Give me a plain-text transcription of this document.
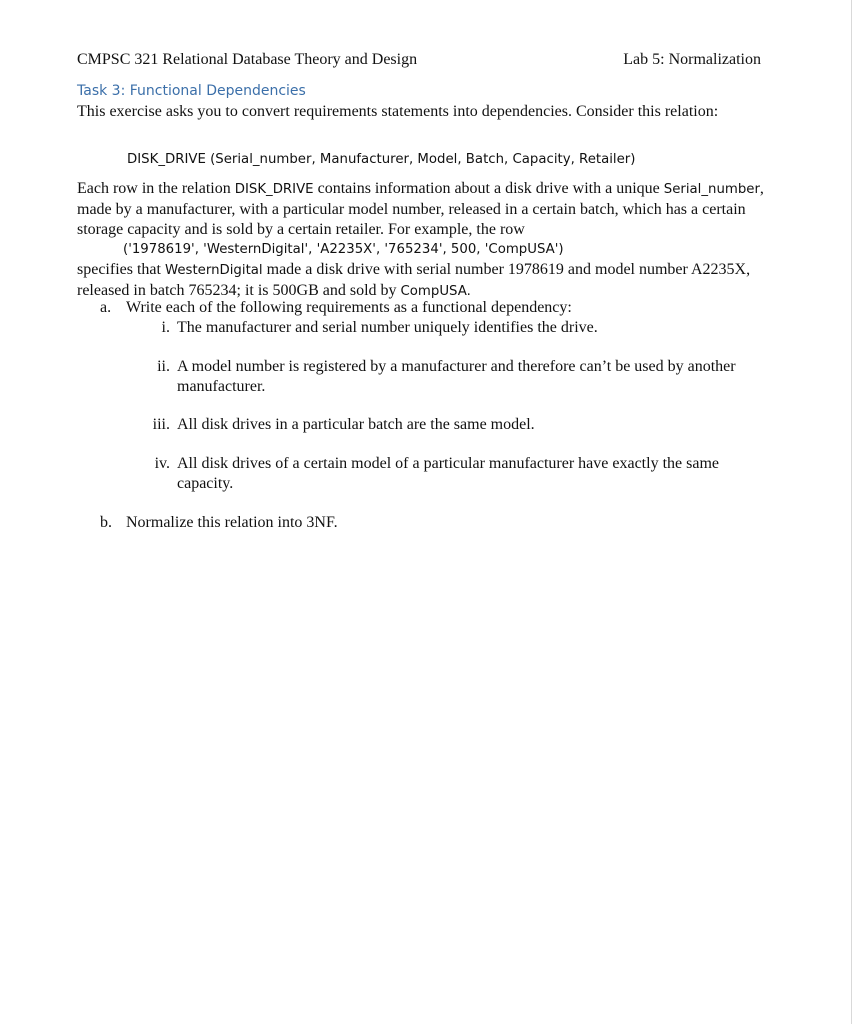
CMPSC 321 Relational Database Theory and Design	Lab 5: Normalization
Task 3: Functional Dependencies
This exercise asks you to convert requirements statements into dependencies. Consider this relation:
DISK_DRIVE (Serial_number, Manufacturer, Model, Batch, Capacity, Retailer)

Each row in the relation DISK_DRIVE contains information about a disk drive with a unique Serial_number, made by a manufacturer, with a particular model number, released in a certain batch, which has a certain storage capacity and is sold by a certain retailer. For example, the row

('1978619', 'WesternDigital', 'A2235X', '765234', 500, 'CompUSA')

specifies that WesternDigital made a disk drive with serial number 1978619 and model number A2235X, released in batch 765234; it is 500GB and sold by CompUSA.

a. Write each of the following requirements as a functional dependency:
i. The manufacturer and serial number uniquely identifies the drive.
ii. A model number is registered by a manufacturer and therefore can’t be used by another manufacturer.
iii. All disk drives in a particular batch are the same model.
iv. All disk drives of a certain model of a particular manufacturer have exactly the same capacity.
b. Normalize this relation into 3NF.
